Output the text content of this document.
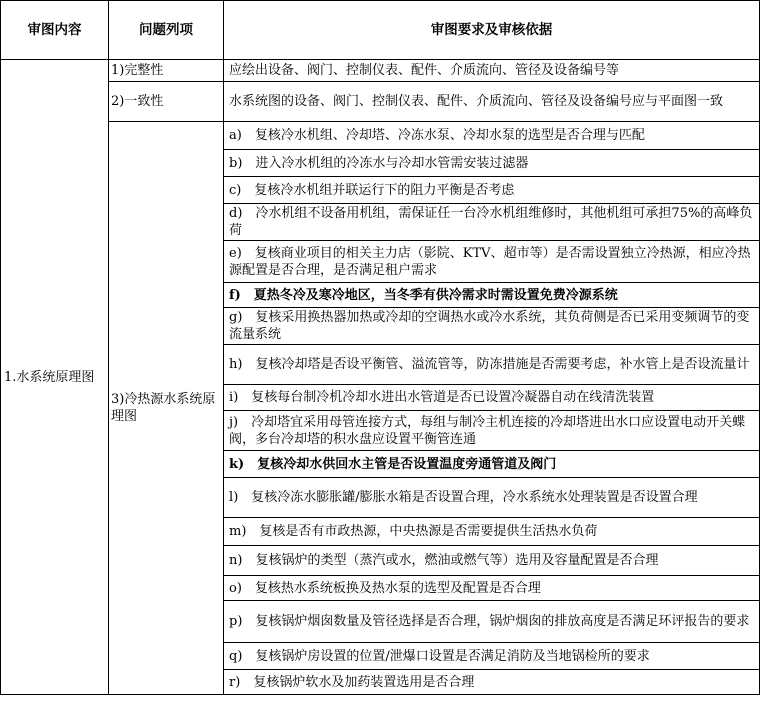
审图内容	问题列项	审图要求及审核依据
1.水系统原理图	1)完整性	应绘出设备、阀门、控制仪表、配件、介质流向、管径及设备编号等
	2)一致性	水系统图的设备、阀门、控制仪表、配件、介质流向、管径及设备编号应与平面图一致
	3)冷热源水系统原理图	a)　复核冷水机组、冷却塔、冷冻水泵、冷却水泵的选型是否合理与匹配
		b)　进入冷水机组的冷冻水与冷却水管需安装过滤器
		c)　复核冷水机组并联运行下的阻力平衡是否考虑
		d)　冷水机组不设备用机组，需保证任一台冷水机组维修时，其他机组可承担75%的高峰负荷
		e)　复核商业项目的相关主力店（影院、KTV、超市等）是否需设置独立冷热源，相应冷热源配置是否合理，是否满足租户需求
		f)　夏热冬冷及寒冷地区，当冬季有供冷需求时需设置免费冷源系统
		g)　复核采用换热器加热或冷却的空调热水或冷水系统，其负荷侧是否已采用变频调节的变流量系统
		h)　复核冷却塔是否设平衡管、溢流管等，防冻措施是否需要考虑，补水管上是否设流量计
		i)　复核每台制冷机冷却水进出水管道是否已设置冷凝器自动在线清洗装置
		j)　冷却塔宜采用母管连接方式，每组与制冷主机连接的冷却塔进出水口应设置电动开关蝶阀，多台冷却塔的积水盘应设置平衡管连通
		k)　复核冷却水供回水主管是否设置温度旁通管道及阀门
		l)　复核冷冻水膨胀罐/膨胀水箱是否设置合理，冷水系统水处理装置是否设置合理
		m)　复核是否有市政热源，中央热源是否需要提供生活热水负荷
		n)　复核锅炉的类型（蒸汽或水，燃油或燃气等）选用及容量配置是否合理
		o)　复核热水系统板换及热水泵的选型及配置是否合理
		p)　复核锅炉烟囱数量及管径选择是否合理，锅炉烟囱的排放高度是否满足环评报告的要求
		q)　复核锅炉房设置的位置/泄爆口设置是否满足消防及当地锅检所的要求
		r)　复核锅炉软水及加药装置选用是否合理
